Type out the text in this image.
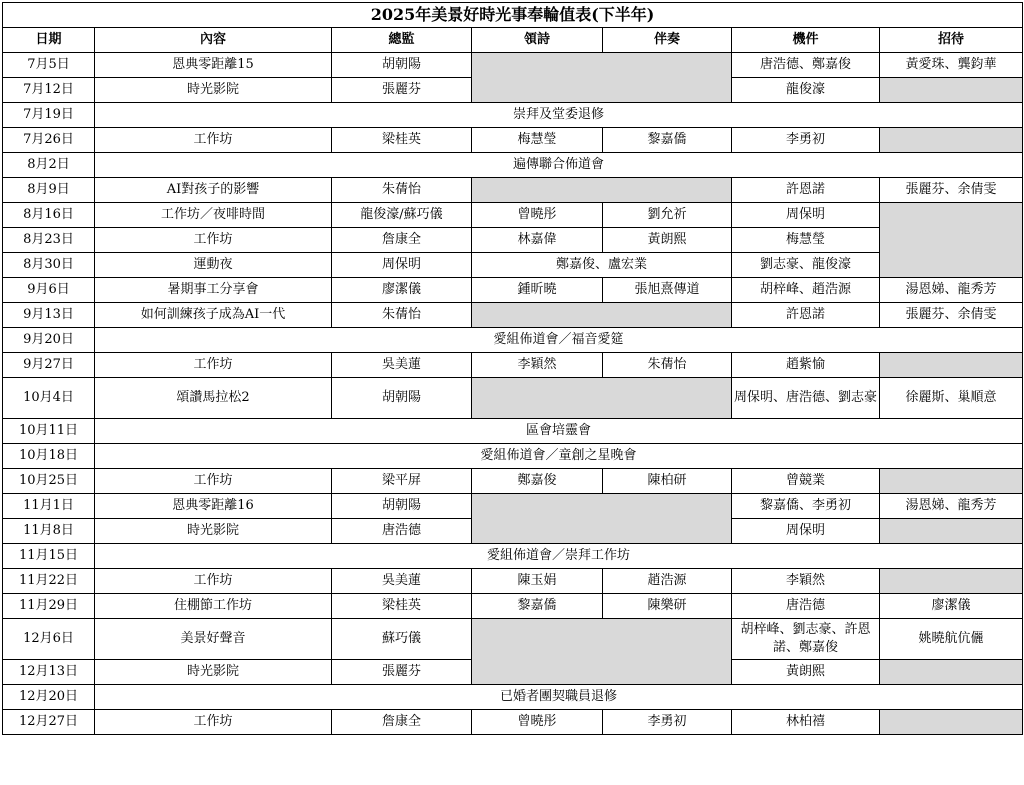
2025年美景好時光事奉輪值表(下半年)						
日期	內容	總監	領詩	伴奏	機件	招待
7月5日	恩典零距離15	胡朝陽			唐浩德、鄭嘉俊	黃愛珠、龔鈞華
7月12日	時光影院	張麗芬			龍俊濠	
7月19日	崇拜及堂委退修					
7月26日	工作坊	梁桂英	梅慧瑩	黎嘉僑	李勇初	
8月2日	遍傳聯合佈道會					
8月9日	AI對孩子的影響	朱蒨怡			許恩諾	張麗芬、余倩雯
8月16日	工作坊／夜啡時間	龍俊濠/蘇巧儀	曾曉彤	劉允祈	周保明	
8月23日	工作坊	詹康全	林嘉偉	黃朗熙	梅慧瑩	
8月30日	運動夜	周保明	鄭嘉俊、盧宏業		劉志豪、龍俊濠	
9月6日	暑期事工分享會	廖潔儀	鍾昕曉	張旭熹傳道	胡梓峰、趙浩源	湯恩娣、龍秀芳
9月13日	如何訓練孩子成為AI一代	朱蒨怡			許恩諾	張麗芬、余倩雯
9月20日	愛組佈道會／福音愛筵					
9月27日	工作坊	吳美蓮	李穎然	朱蒨怡	趙紫愉	
10月4日	頌讚馬拉松2	胡朝陽			周保明、唐浩德、劉志豪	徐麗斯、巢順意
10月11日	區會培靈會					
10月18日	愛組佈道會／童創之星晚會					
10月25日	工作坊	梁平屏	鄭嘉俊	陳柏研	曾競業	
11月1日	恩典零距離16	胡朝陽			黎嘉僑、李勇初	湯恩娣、龍秀芳
11月8日	時光影院	唐浩德			周保明	
11月15日	愛組佈道會／崇拜工作坊					
11月22日	工作坊	吳美蓮	陳玉娟	趙浩源	李穎然	
11月29日	住棚節工作坊	梁桂英	黎嘉僑	陳樂研	唐浩德	廖潔儀
12月6日	美景好聲音	蘇巧儀			胡梓峰、劉志豪、許恩諾、鄭嘉俊	姚曉航伉儷
12月13日	時光影院	張麗芬			黃朗熙	
12月20日	已婚者團契職員退修					
12月27日	工作坊	詹康全	曾曉彤	李勇初	林柏禧	
